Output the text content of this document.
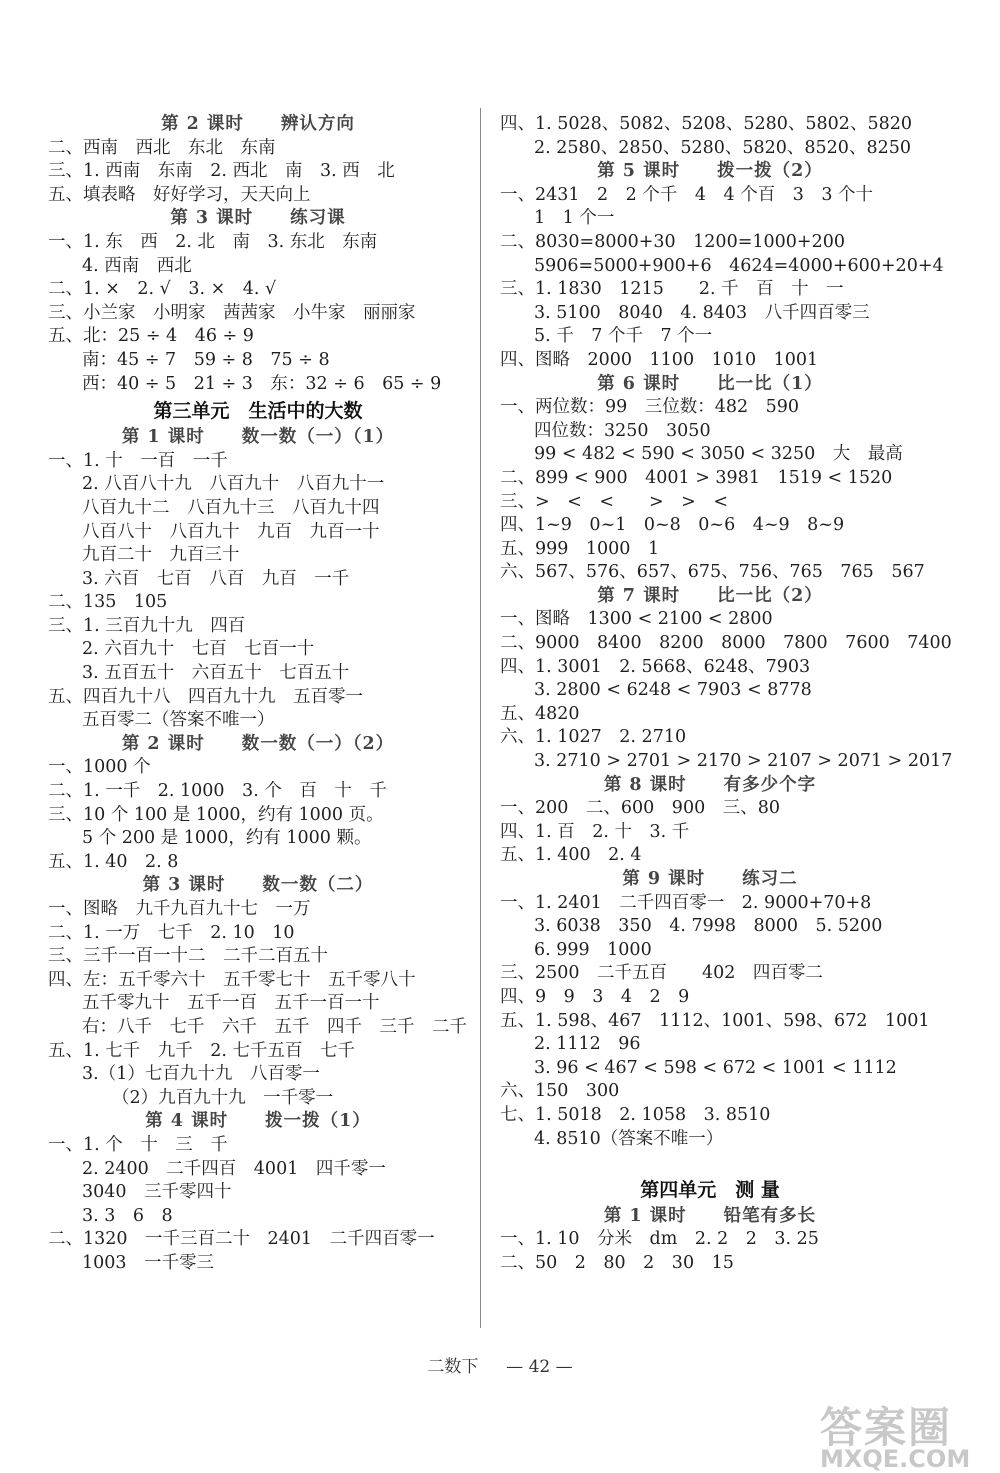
第 2 课时　　辨认方向
二、西南　西北　东北　东南
三、1. 西南　东南　2. 西北　南　3. 西　北
五、填表略　好好学习，天天向上
第 3 课时　　练习课
一、1. 东　西　2. 北　南　3. 东北　东南
4. 西南　西北
二、1. ×　2. √　3. ×　4. √
三、小兰家　小明家　茜茜家　小牛家　丽丽家
五、北：25 ÷ 4　46 ÷ 9
南：45 ÷ 7　59 ÷ 8　75 ÷ 8
西：40 ÷ 5　21 ÷ 3　东：32 ÷ 6　65 ÷ 9
第三单元　生活中的大数
第 1 课时　　数一数（一）（1）
一、1. 十　一百　一千
2. 八百八十九　八百九十　八百九十一
八百九十二　八百九十三　八百九十四
八百八十　八百九十　九百　九百一十
九百二十　九百三十
3. 六百　七百　八百　九百　一千
二、135　105
三、1. 三百九十九　四百
2. 六百九十　七百　七百一十
3. 五百五十　六百五十　七百五十
五、四百九十八　四百九十九　五百零一
五百零二（答案不唯一）
第 2 课时　　数一数（一）（2）
一、1000 个
二、1. 一千　2. 1000　3. 个　百　十　千
三、10 个 100 是 1000，约有 1000 页。
5 个 200 是 1000，约有 1000 颗。
五、1. 40　2. 8
第 3 课时　　数一数（二）
一、图略　九千九百九十七　一万
二、1. 一万　七千　2. 10　10
三、三千一百一十二　二千二百五十
四、左：五千零六十　五千零七十　五千零八十
五千零九十　五千一百　五千一百一十
右：八千　七千　六千　五千　四千　三千　二千
五、1. 七千　九千　2. 七千五百　七千
3.（1）七百九十九　八百零一
（2）九百九十九　一千零一
第 4 课时　　拨一拨（1）
一、1. 个　十　三　千
2. 2400　二千四百　4001　四千零一
3040　三千零四十
3. 3　6　8
二、1320　一千三百二十　2401　二千四百零一
1003　一千零三
四、1. 5028、5082、5208、5280、5802、5820
2. 2580、2850、5280、5820、8520、8250
第 5 课时　　拨一拨（2）
一、2431　2　2 个千　4　4 个百　3　3 个十
1　1 个一
二、8030=8000+30　1200=1000+200
5906=5000+900+6　4624=4000+600+20+4
三、1. 1830　1215　　2. 千　百　十　一
3. 5100　8040　4. 8403　八千四百零三
5. 千　7 个千　7 个一
四、图略　2000　1100　1010　1001
第 6 课时　　比一比（1）
一、两位数：99　三位数：482　590
四位数：3250　3050
99 < 482 < 590 < 3050 < 3250　大　最高
二、899 < 900　4001 > 3981　1519 < 1520
三、>　<　<　　>　>　<
四、1~9　0~1　0~8　0~6　4~9　8~9
五、999　1000　1
六、567、576、657、675、756、765　765　567
第 7 课时　　比一比（2）
一、图略　1300 < 2100 < 2800
二、9000　8400　8200　8000　7800　7600　7400
四、1. 3001　2. 5668、6248、7903
3. 2800 < 6248 < 7903 < 8778
五、4820
六、1. 1027　2. 2710
3. 2710 > 2701 > 2170 > 2107 > 2071 > 2017
第 8 课时　　有多少个字
一、200　二、600　900　三、80
四、1. 百　2. 十　3. 千
五、1. 400　2. 4
第 9 课时　　练习二
一、1. 2401　二千四百零一　2. 9000+70+8
3. 6038　350　4. 7998　8000　5. 5200
6. 999　1000
三、2500　二千五百　　402　四百零二
四、9　9　3　4　2　9
五、1. 598、467　1112、1001、598、672　1001
2. 1112　96
3. 96 < 467 < 598 < 672 < 1001 < 1112
六、150　300
七、1. 5018　2. 1058　3. 8510
4. 8510（答案不唯一）
第四单元　测 量
第 1 课时　　铅笔有多长
一、1. 10　分米　dm　2. 2　2　3. 25
二、50　2　80　2　30　15
二数下 　 — 42 —
答案圈
MXQE.COM
